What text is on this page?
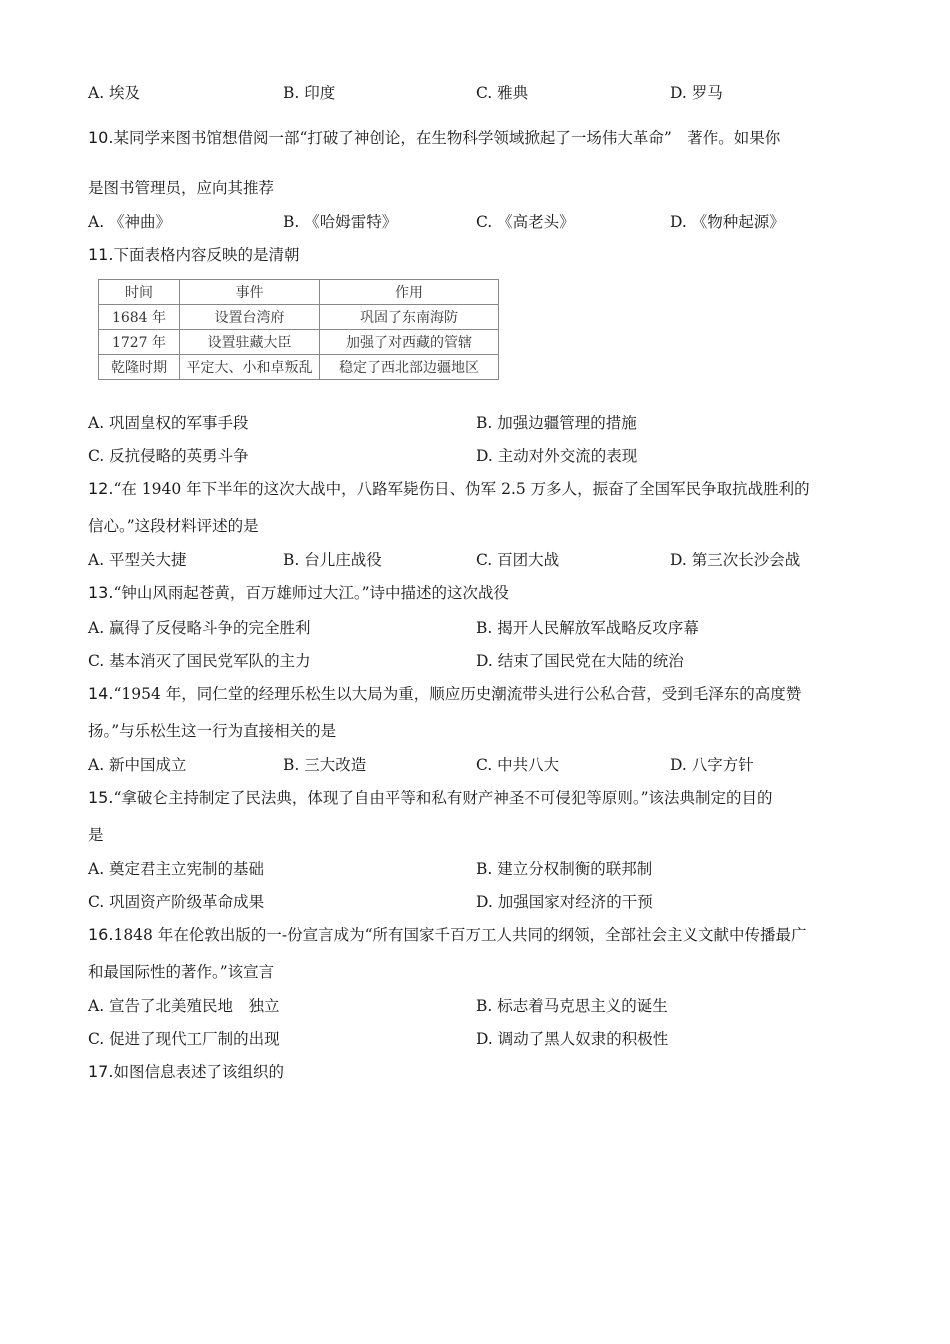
A. 埃及	B. 印度	C. 雅典	D. 罗马
10.某同学来图书馆想借阅一部“打破了神创论，在生物科学领域掀起了一场伟大革命”　著作。如果你
是图书管理员，应向其推荐
A. 《神曲》	B. 《哈姆雷特》	C. 《高老头》	D. 《物种起源》
11.下面表格内容反映的是清朝
时间	事件	作用
1684 年	设置台湾府	巩固了东南海防
1727 年	设置驻藏大臣	加强了对西藏的管辖
乾隆时期	平定大、小和卓叛乱	稳定了西北部边疆地区
A. 巩固皇权的军事手段	B. 加强边疆管理的措施
C. 反抗侵略的英勇斗争	D. 主动对外交流的表现
12.“在 1940 年下半年的这次大战中，八路军毙伤日、伪军 2.5 万多人，振奋了全国军民争取抗战胜利的
信心。”这段材料评述的是
A. 平型关大捷	B. 台儿庄战役	C. 百团大战	D. 第三次长沙会战
13.“钟山风雨起苍黄，百万雄师过大江。”诗中描述的这次战役
A. 赢得了反侵略斗争的完全胜利	B. 揭开人民解放军战略反攻序幕
C. 基本消灭了国民党军队的主力	D. 结束了国民党在大陆的统治
14.“1954 年，同仁堂的经理乐松生以大局为重，顺应历史潮流带头进行公私合营，受到毛泽东的高度赞
扬。”与乐松生这一行为直接相关的是
A. 新中国成立	B. 三大改造	C. 中共八大	D. 八字方针
15.“拿破仑主持制定了民法典，体现了自由平等和私有财产神圣不可侵犯等原则。”该法典制定的目的
是
A. 奠定君主立宪制的基础	B. 建立分权制衡的联邦制
C. 巩固资产阶级革命成果	D. 加强国家对经济的干预
16.1848 年在伦敦出版的一-份宣言成为“所有国家千百万工人共同的纲领，全部社会主义文献中传播最广
和最国际性的著作。”该宣言
A. 宣告了北美殖民地　独立	B. 标志着马克思主义的诞生
C. 促进了现代工厂制的出现	D. 调动了黑人奴隶的积极性
17.如图信息表述了该组织的
